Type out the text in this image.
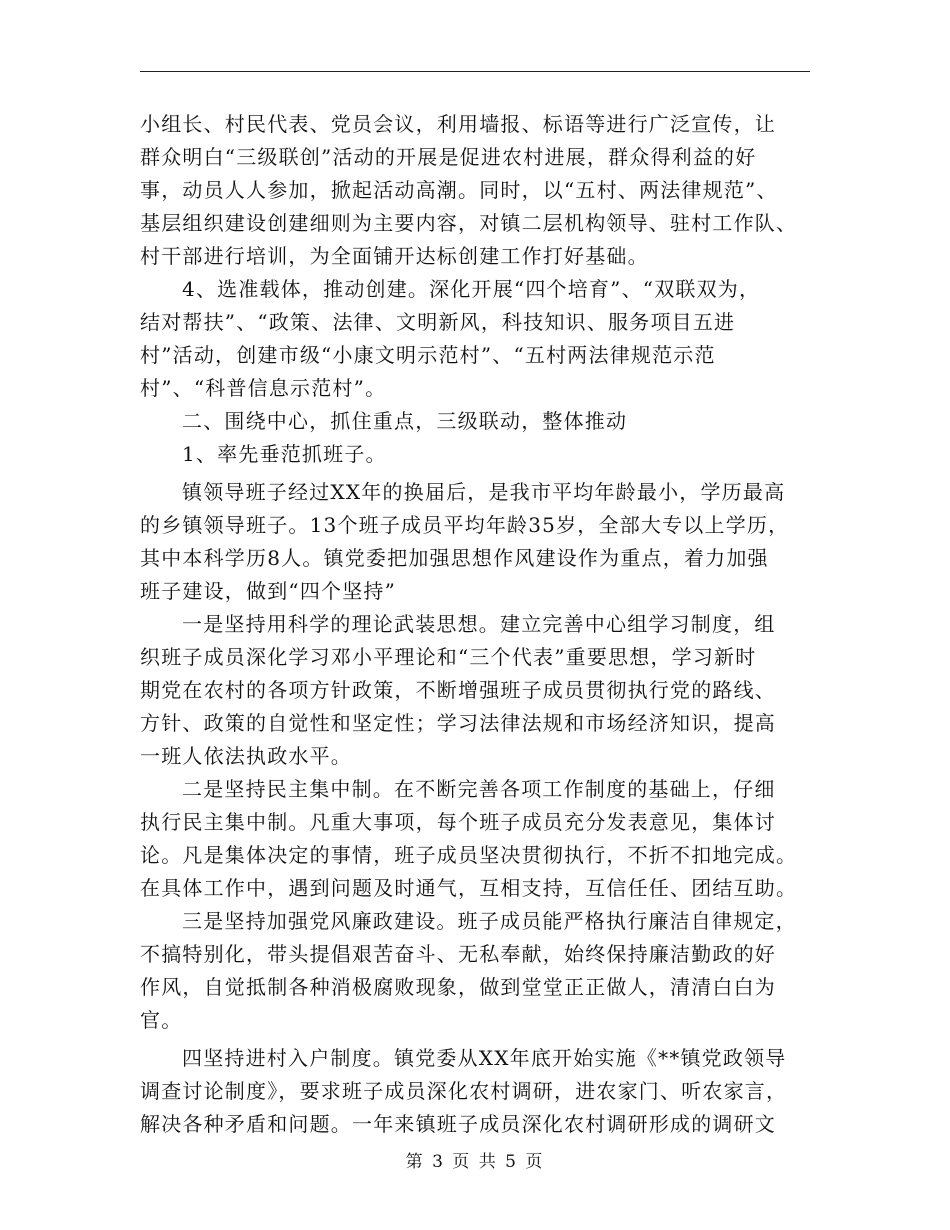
小组长、村民代表、党员会议，利用墙报、标语等进行广泛宣传，让
群众明白“三级联创”活动的开展是促进农村进展，群众得利益的好
事，动员人人参加，掀起活动高潮。同时，以“五村、两法律规范”、
基层组织建设创建细则为主要内容，对镇二层机构领导、驻村工作队、
村干部进行培训，为全面铺开达标创建工作打好基础。
4、选准载体，推动创建。深化开展“四个培育”、“双联双为，
结对帮扶”、“政策、法律、文明新风，科技知识、服务项目五进
村”活动，创建市级“小康文明示范村”、“五村两法律规范示范
村”、“科普信息示范村”。
二、围绕中心，抓住重点，三级联动，整体推动
1、率先垂范抓班子。
镇领导班子经过XX年的换届后，是我市平均年龄最小，学历最高
的乡镇领导班子。13个班子成员平均年龄35岁，全部大专以上学历，
其中本科学历8人。镇党委把加强思想作风建设作为重点，着力加强
班子建设，做到“四个坚持”
一是坚持用科学的理论武装思想。建立完善中心组学习制度，组
织班子成员深化学习邓小平理论和“三个代表”重要思想，学习新时
期党在农村的各项方针政策，不断增强班子成员贯彻执行党的路线、
方针、政策的自觉性和坚定性；学习法律法规和市场经济知识，提高
一班人依法执政水平。
二是坚持民主集中制。在不断完善各项工作制度的基础上，仔细
执行民主集中制。凡重大事项，每个班子成员充分发表意见，集体讨
论。凡是集体决定的事情，班子成员坚决贯彻执行，不折不扣地完成。
在具体工作中，遇到问题及时通气，互相支持，互信任任、团结互助。
三是坚持加强党风廉政建设。班子成员能严格执行廉洁自律规定，
不搞特别化，带头提倡艰苦奋斗、无私奉献，始终保持廉洁勤政的好
作风，自觉抵制各种消极腐败现象，做到堂堂正正做人，清清白白为
官。
四坚持进村入户制度。镇党委从XX年底开始实施《**镇党政领导
调查讨论制度》，要求班子成员深化农村调研，进农家门、听农家言，
解决各种矛盾和问题。一年来镇班子成员深化农村调研形成的调研文
第 3 页 共 5 页
